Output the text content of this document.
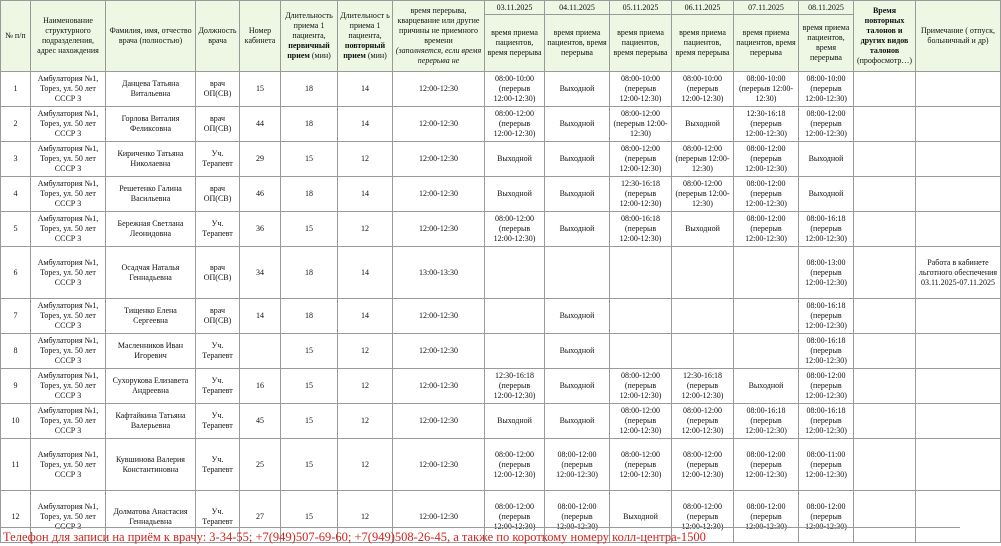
№ п/п	Наименование структурного подразделения, адрес нахождения	Фамилия, имя, отчество врача (полностью)	Должность врача	Номер кабинета	Длительность приема 1 пациента,
первичный прием (мин)	Длительност ь приема 1 пациента,
повторный прием (мин)	время перерыва, кварцевание или другие причины не приемного времени
(заполняется, если время перерыва не	03.11.2025	04.11.2025	05.11.2025	06.11.2025	07.11.2025	08.11.2025	Время повторных талонов и других видов талонов
(профосмотр…)	Примечание ( отпуск, больничный и др)
								время приема пациентов, время перерыва	время приема пациентов, время перерыва	время приема пациентов, время перерыва	время приема пациентов, время перерыва	время приема пациентов, время перерыва	время приема пациентов, время перерыва		
1	Амбулатория №1, Торез, ул. 50 лет СССР 3	Данцева Татьяна Витальевна	врач ОП(СВ)	15	18	14	12:00-12:30	08:00-10:00
(перерыв
12:00-12:30)	Выходной	08:00-10:00
(перерыв
12:00-12:30)	08:00-10:00
(перерыв
12:00-12:30)	08:00-10:00
(перерыв 12:00-
12:30)	08:00-10:00
(перерыв
12:00-12:30)		
2	Амбулатория №1, Торез, ул. 50 лет СССР 3	Горлова Виталия Феликсовна	врач ОП(СВ)	44	18	14	12:00-12:30	08:00-12:00
(перерыв
12:00-12:30)	Выходной	08:00-12:00
(перерыв 12:00-
12:30)	Выходной	12:30-16:18
(перерыв
12:00-12:30)	08:00-12:00
(перерыв
12:00-12:30)		
3	Амбулатория №1, Торез, ул. 50 лет СССР 3	Кириченко Татьяна Николаевна	Уч. Терапевт	29	15	12	12:00-12:30	Выходной	Выходной	08:00-12:00
(перерыв
12:00-12:30)	08:00-12:00
(перерыв 12:00-
12:30)	08:00-12:00
(перерыв
12:00-12:30)	Выходной		
4	Амбулатория №1, Торез, ул. 50 лет СССР 3	Решетенко Галина Васильевна	врач ОП(СВ)	46	18	14	12:00-12:30	Выходной	Выходной	12:30-16:18
(перерыв
12:00-12:30)	08:00-12:00
(перерыв 12:00-
12:30)	08:00-12:00
(перерыв
12:00-12:30)	Выходной		
5	Амбулатория №1, Торез, ул. 50 лет СССР 3	Бережная Светлана Леонидовна	Уч. Терапевт	36	15	12	12:00-12:30	08:00-12:00
(перерыв
12:00-12:30)	Выходной	08:00-16:18
(перерыв
12:00-12:30)	Выходной	08:00-12:00
(перерыв
12:00-12:30)	08:00-16:18
(перерыв
12:00-12:30)		
6	Амбулатория №1, Торез, ул. 50 лет СССР 3	Осадчая Наталья Геннадьевна	врач ОП(СВ)	34	18	14	13:00-13:30						08:00-13:00
(перерыв
12:00-12:30)		Работа в кабинете льготного обеспечения 03.11.2025-07.11.2025
7	Амбулатория №1, Торез, ул. 50 лет СССР 3	Тищенко Елена Сергеевна	врач ОП(СВ)	14	18	14	12:00-12:30		Выходной				08:00-16:18
(перерыв
12:00-12:30)		
8	Амбулатория №1, Торез, ул. 50 лет СССР 3	Масленников Иван Игоревич	Уч. Терапевт		15	12	12:00-12:30		Выходной				08:00-16:18
(перерыв
12:00-12:30)		
9	Амбулатория №1, Торез, ул. 50 лет СССР 3	Сухорукова Елизавета Андреевна	Уч. Терапевт	16	15	12	12:00-12:30	12:30-16:18
(перерыв
12:00-12:30)	Выходной	08:00-12:00
(перерыв
12:00-12:30)	12:30-16:18
(перерыв
12:00-12:30)	Выходной	08:00-12:00
(перерыв
12:00-12:30)		
10	Амбулатория №1, Торез, ул. 50 лет СССР 3	Кафтайкина Татьяна Валерьевна	Уч. Терапевт	45	15	12	12:00-12:30	Выходной	Выходной	08:00-12:00
(перерыв
12:00-12:30)	08:00-12:00
(перерыв
12:00-12:30)	08:00-16:18
(перерыв
12:00-12:30)	08:00-16:18
(перерыв
12:00-12:30)		
11	Амбулатория №1, Торез, ул. 50 лет СССР 3	Кувшинова Валерия Константиновна	Уч. Терапевт	25	15	12	12:00-12:30	08:00-12:00
(перерыв
12:00-12:30)	08:00-12:00
(перерыв
12:00-12:30)	08:00-12:00
(перерыв
12:00-12:30)	08:00-12:00
(перерыв
12:00-12:30)	08:00-12:00
(перерыв
12:00-12:30)	08:00-11:00
(перерыв
12:00-12:30)		
12	Амбулатория №1, Торез, ул. 50 лет СССР 3	Долматова Анастасия Геннадьевна	Уч. Терапевт	27	15	12	12:00-12:30	08:00-12:00
(перерыв
12:00-12:30)	08:00-12:00
(перерыв
12:00-12:30)	Выходной	08:00-12:00
(перерыв
12:00-12:30)	08:00-12:00
(перерыв
12:00-12:30)	08:00-12:00
(перерыв
12:00-12:30)		
Телефон для записи на приём к врачу: 3-34-55; +7(949)507-69-60; +7(949)508-26-45, а также по короткому номеру колл-центра-1500
